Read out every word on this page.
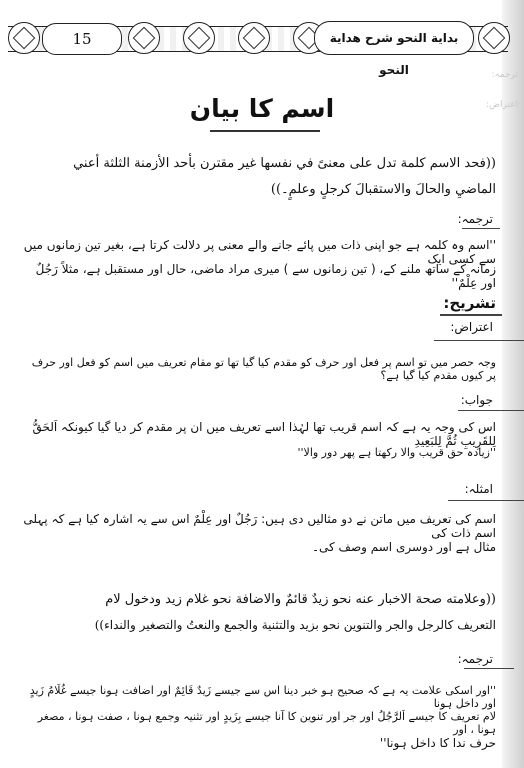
ترجمہ:
اعتراض:
15	بدایة النحو شرح ھدایة النحو
اسم کا بیان
((فحد الاسم كلمة تدل على معنىً في نفسها غير مقترن بأحد الأزمنة الثلثة أعني
الماضيِ والحالَ والاستقبالَ كرجلٍ وعلمٍ۔))
ترجمہ:
''اسم وہ کلمہ ہے جو اپنی ذات میں پائے جانے والے معنی پر دلالت کرتا ہے، بغیر تین زمانوں میں سے کسی ایک
زمانہ کے ساتھ ملنے کے، ( تین زمانوں سے ) میری مراد ماضی، حال اور مستقبل ہے، مثلاً رَجُلٌ اور عِلْمٌ''
تشریح:
اعتراض:
وجہ حصر میں تو اسم پر فعل اور حرف کو مقدم کیا گیا تھا تو مقام تعریف میں اسم کو فعل اور حرف پر کیوں مقدم کیا گیا ہے؟
جواب:
اس کی وجہ یہ ہے کہ اسم قریب تھا لہٰذا اسے تعریف میں ان پر مقدم کر دیا گیا کیونکہ اَلحَقُّ لِلقَرِیبِ ثُمَّ لِلبَعِیدِ
''زیادہ حق قریب والا رکھتا ہے پھر دور والا''
امثلہ:
اسم کی تعریف میں ماتن نے دو مثالیں دی ہیں: رَجُلٌ اور عِلْمٌ اس سے یہ اشارہ کیا ہے کہ پہلی اسم ذات کی
مثال ہے اور دوسری اسم وصف کی۔
((وعلامته صحة الاخبار عنه نحو زيدٌ قائمٌ والاضافة نحو غلام زيد ودخول لام
التعريف كالرجل والجر والتنوين نحو بزيد والتثنية والجمع والنعتُ والتصغير والنداء))
ترجمہ:
''اور اسکی علامت یہ ہے کہ صحیح ہو خبر دینا اس سے جیسے زَیدٌ قَائِمٌ اور اضافت ہونا جیسے غُلَامُ زَیدٍ اور داخل ہونا
لام تعریف کا جیسے اَلرَّجُلُ اور جر اور تنوین کا آنا جیسے بِزَیدٍ اور تثنیہ وجمع ہونا ، صفت ہونا ، مصغر ہونا ، اور
حرف ندا کا داخل ہونا''
